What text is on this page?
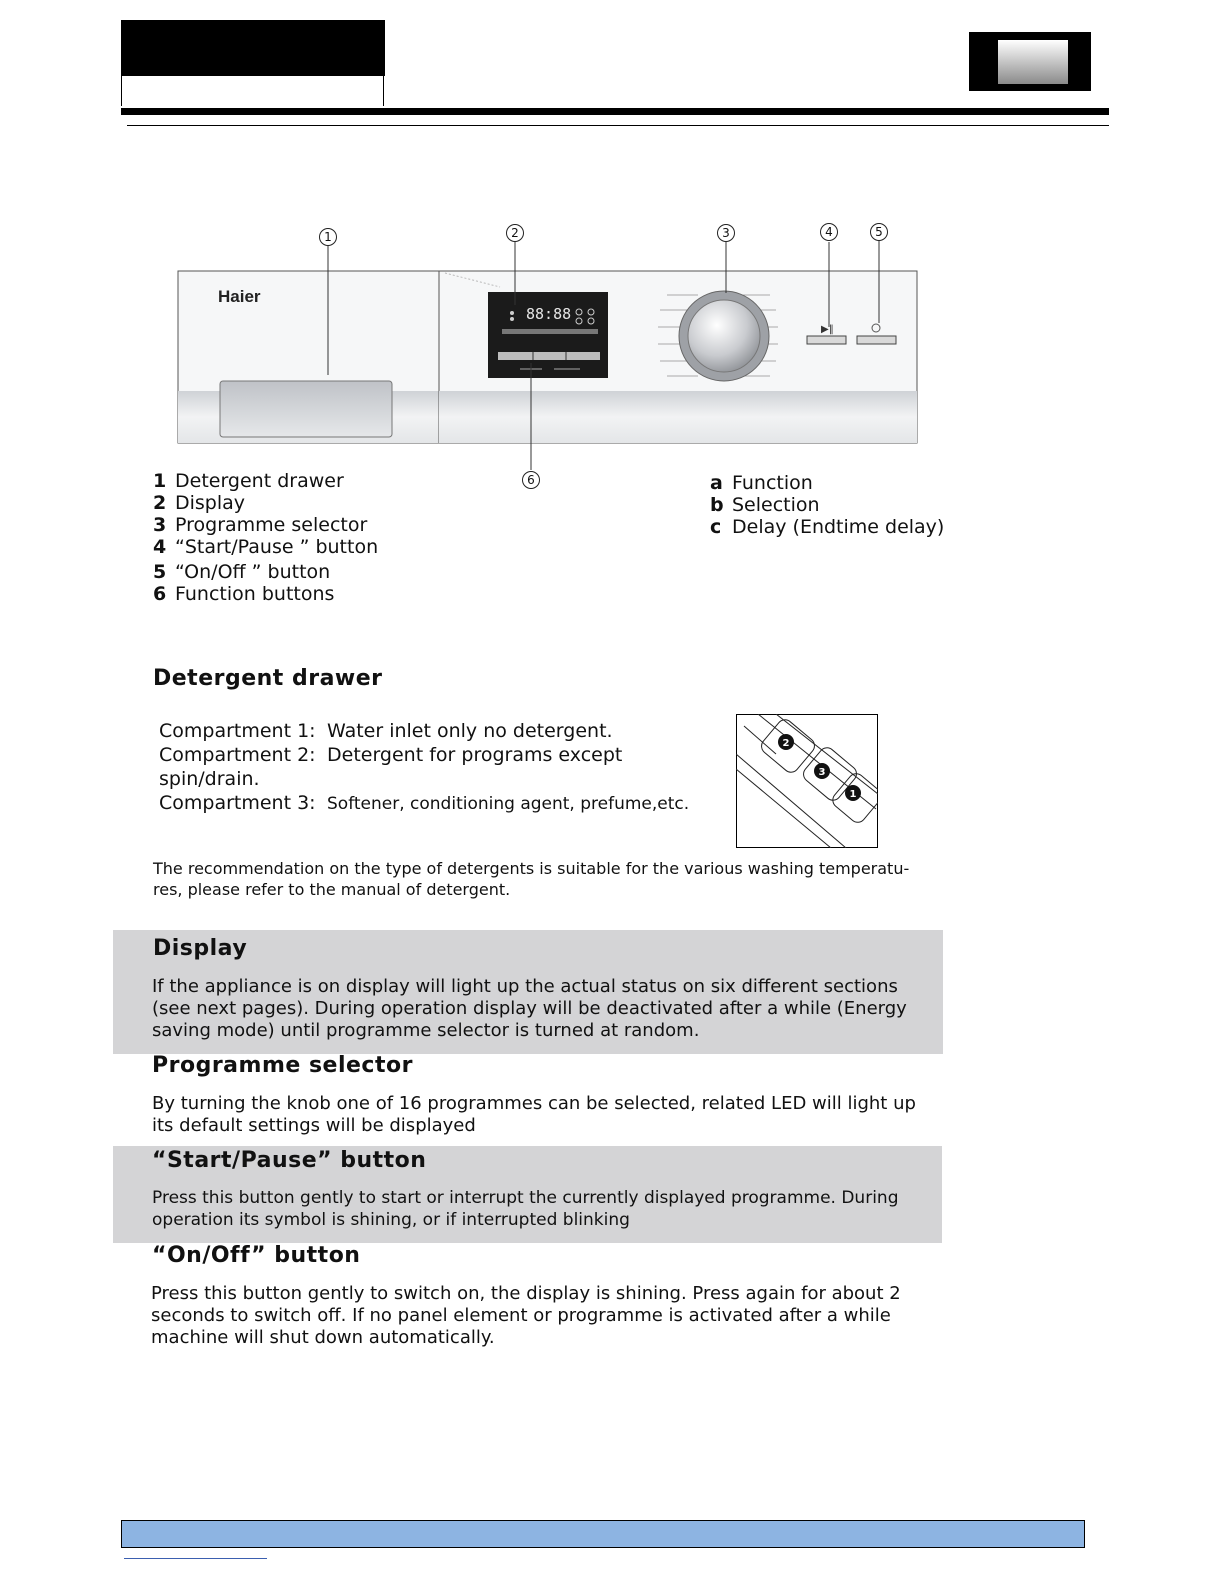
Haier
88:88
▶‖
1	2	3	4	5
6
1 Detergent drawer
2 Display
3 Programme selector
4 “Start/Pause ” button
5 “On/Off ” button
6 Function buttons
a Function
b Selection
c Delay (Endtime delay)
Detergent drawer
Compartment 1: Water inlet only no detergent.
Compartment 2: Detergent for programs except spin/drain.
Compartment 3: Softener, conditioning agent, prefume,etc.
2
3
1
The recommendation on the type of detergents is suitable for the various washing temperatu- res, please refer to the manual of detergent.
Display
If the appliance is on display will light up the actual status on six different sections (see next pages). During operation display will be deactivated after a while (Energy saving mode) until programme selector is turned at random.
Programme selector
By turning the knob one of 16 programmes can be selected, related LED will light up its default settings will be displayed
“Start/Pause” button
Press this button gently to start or interrupt the currently displayed programme. During operation its symbol is shining, or if interrupted blinking
“On/Off” button
Press this button gently to switch on, the display is shining. Press again for about 2 seconds to switch off. If no panel element or programme is activated after a while machine will shut down automatically.
